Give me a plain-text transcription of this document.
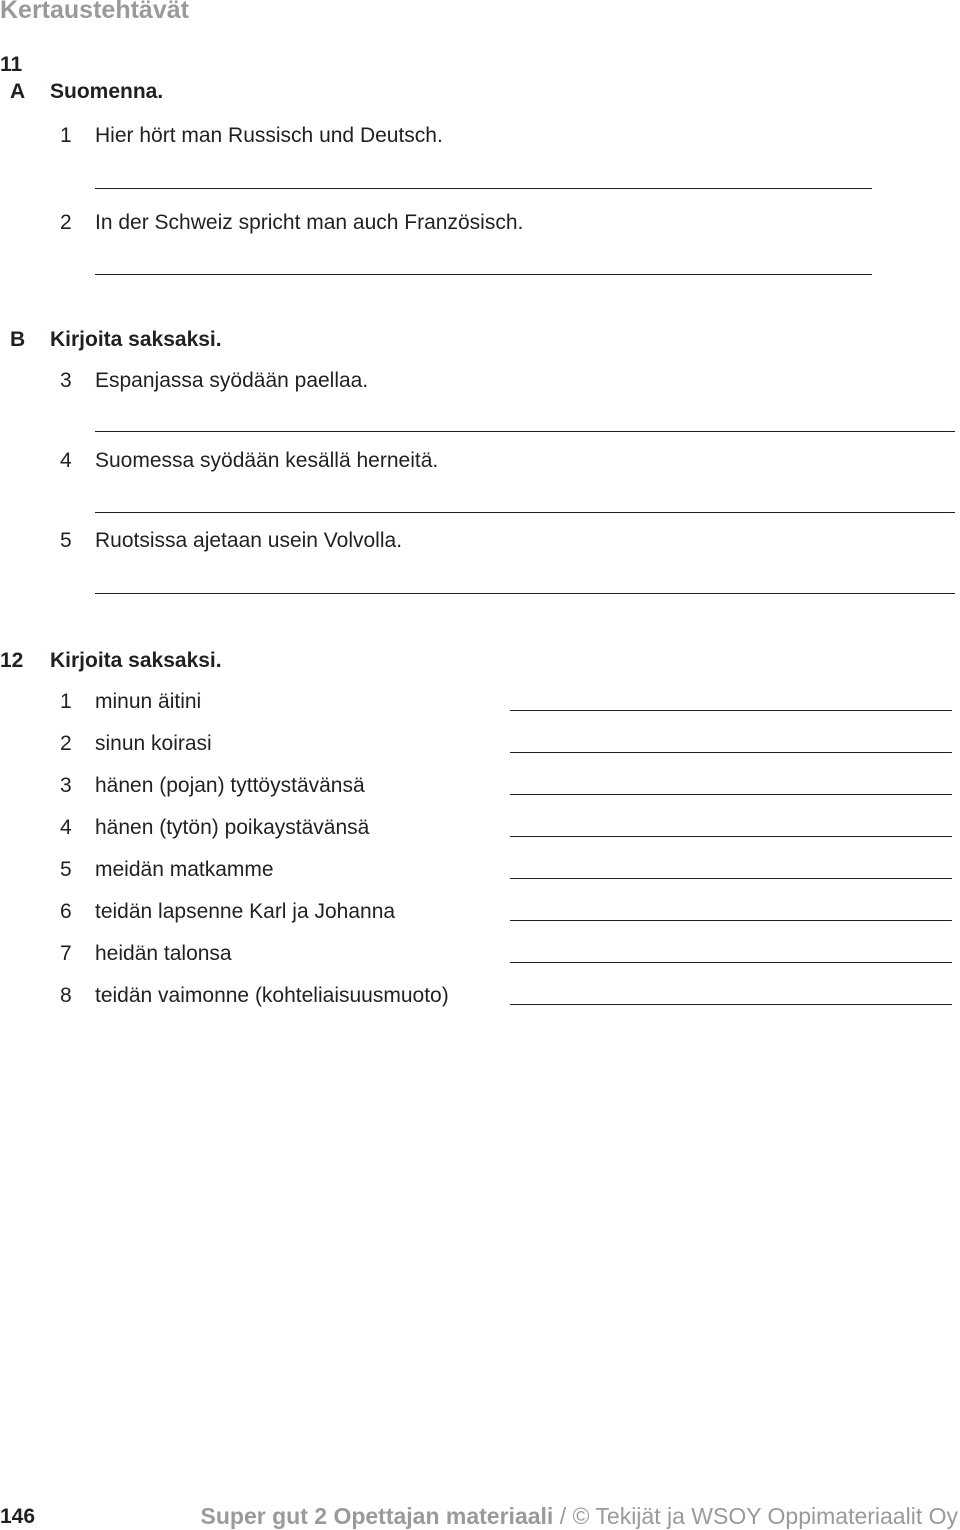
Kertaustehtävät
11
A Suomenna.
1 Hier hört man Russisch und Deutsch.
2 In der Schweiz spricht man auch Französisch.
B Kirjoita saksaksi.
3 Espanjassa syödään paellaa.
4 Suomessa syödään kesällä herneitä.
5 Ruotsissa ajetaan usein Volvolla.
12 Kirjoita saksaksi.
1 minun äitini
2 sinun koirasi
3 hänen (pojan) tyttöystävänsä
4 hänen (tytön) poikaystävänsä
5 meidän matkamme
6 teidän lapsenne Karl ja Johanna
7 heidän talonsa
8 teidän vaimonne (kohteliaisuusmuoto)
146	Super gut 2 Opettajan materiaali / © Tekijät ja WSOY Oppimateriaalit Oy
